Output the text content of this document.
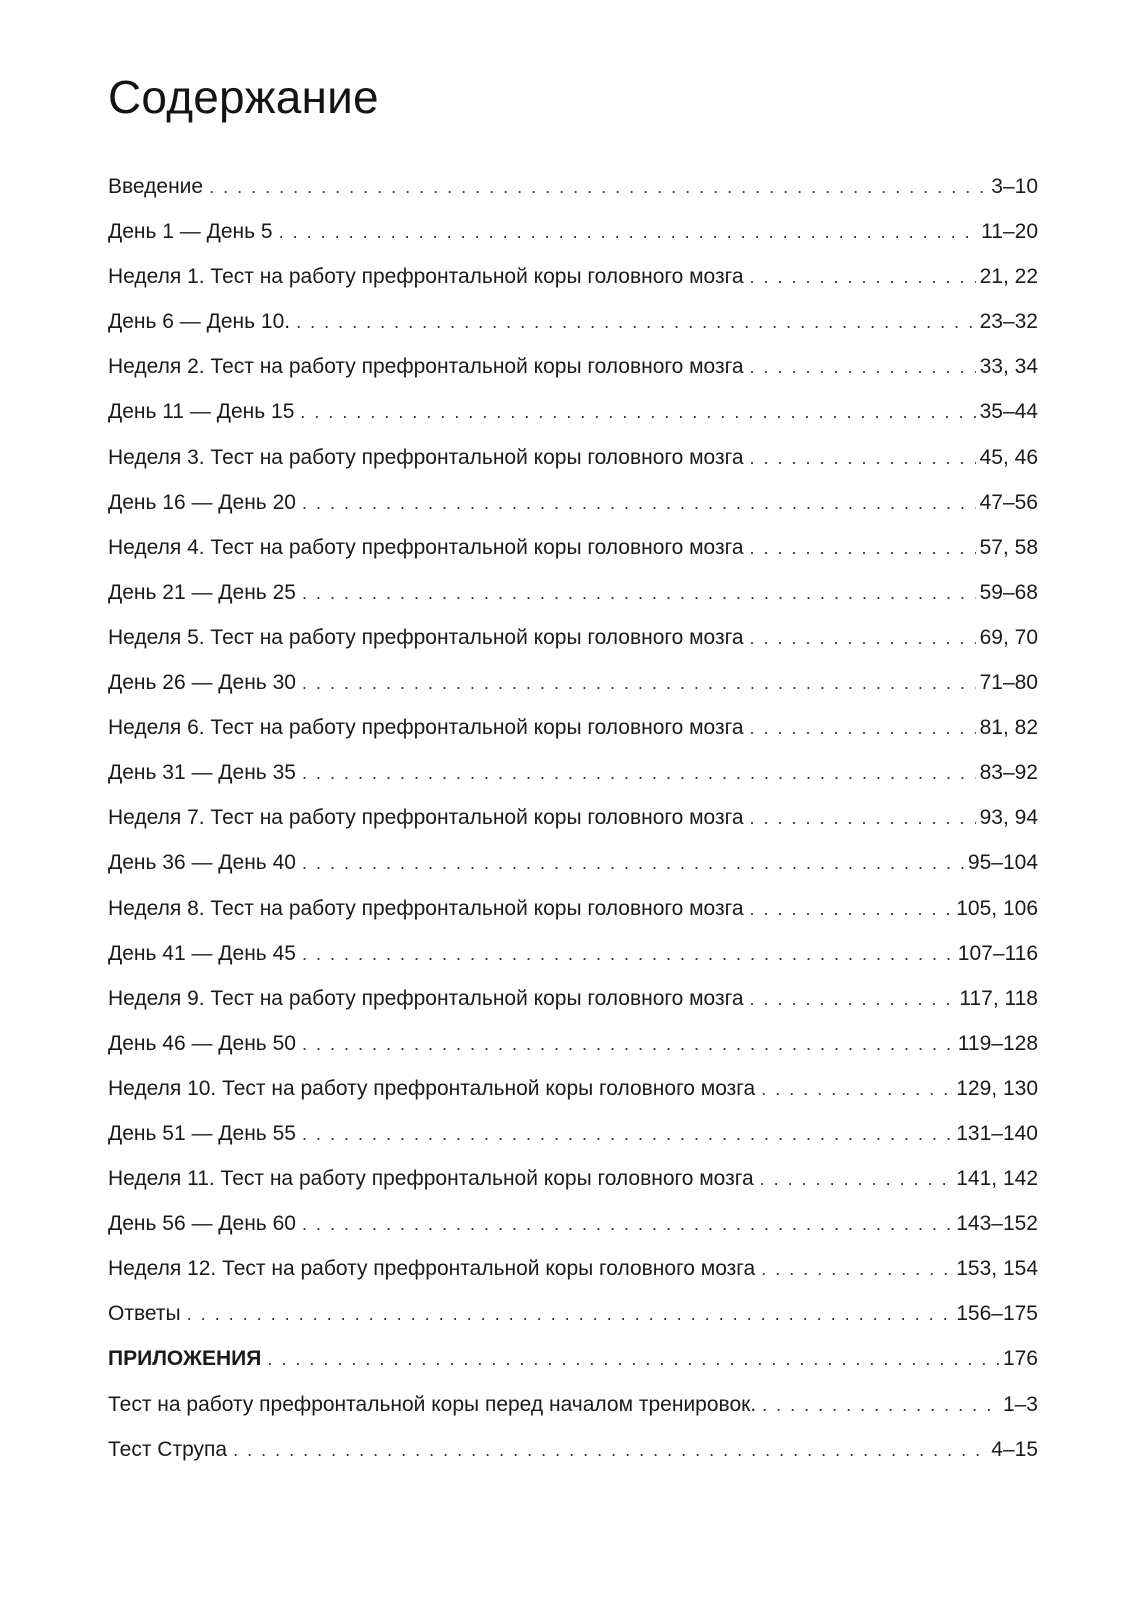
Содержание
Введение . . .	3–10
День 1 — День 5 . . .	11–20
Неделя 1. Тест на работу префронтальной коры головного мозга . . .	21, 22
День 6 — День 10. . . .	23–32
Неделя 2. Тест на работу префронтальной коры головного мозга . . .	33, 34
День 11 — День 15 . . .	35–44
Неделя 3. Тест на работу префронтальной коры головного мозга . . .	45, 46
День 16 — День 20 . . .	47–56
Неделя 4. Тест на работу префронтальной коры головного мозга . . .	57, 58
День 21 — День 25 . . .	59–68
Неделя 5. Тест на работу префронтальной коры головного мозга . . .	69, 70
День 26 — День 30 . . .	71–80
Неделя 6. Тест на работу префронтальной коры головного мозга . . .	81, 82
День 31 — День 35 . . .	83–92
Неделя 7. Тест на работу префронтальной коры головного мозга . . .	93, 94
День 36 — День 40 . . .	95–104
Неделя 8. Тест на работу префронтальной коры головного мозга . . .	105, 106
День 41 — День 45 . . .	107–116
Неделя 9. Тест на работу префронтальной коры головного мозга . . .	117, 118
День 46 — День 50 . . .	119–128
Неделя 10. Тест на работу префронтальной коры головного мозга . . .	129, 130
День 51 — День 55 . . .	131–140
Неделя 11. Тест на работу префронтальной коры головного мозга . . .	141, 142
День 56 — День 60 . . .	143–152
Неделя 12. Тест на работу префронтальной коры головного мозга . . .	153, 154
Ответы . . .	156–175
ПРИЛОЖЕНИЯ . . .	176
Тест на работу префронтальной коры перед началом тренировок. . . .	1–3
Тест Струпа . . .	4–15
